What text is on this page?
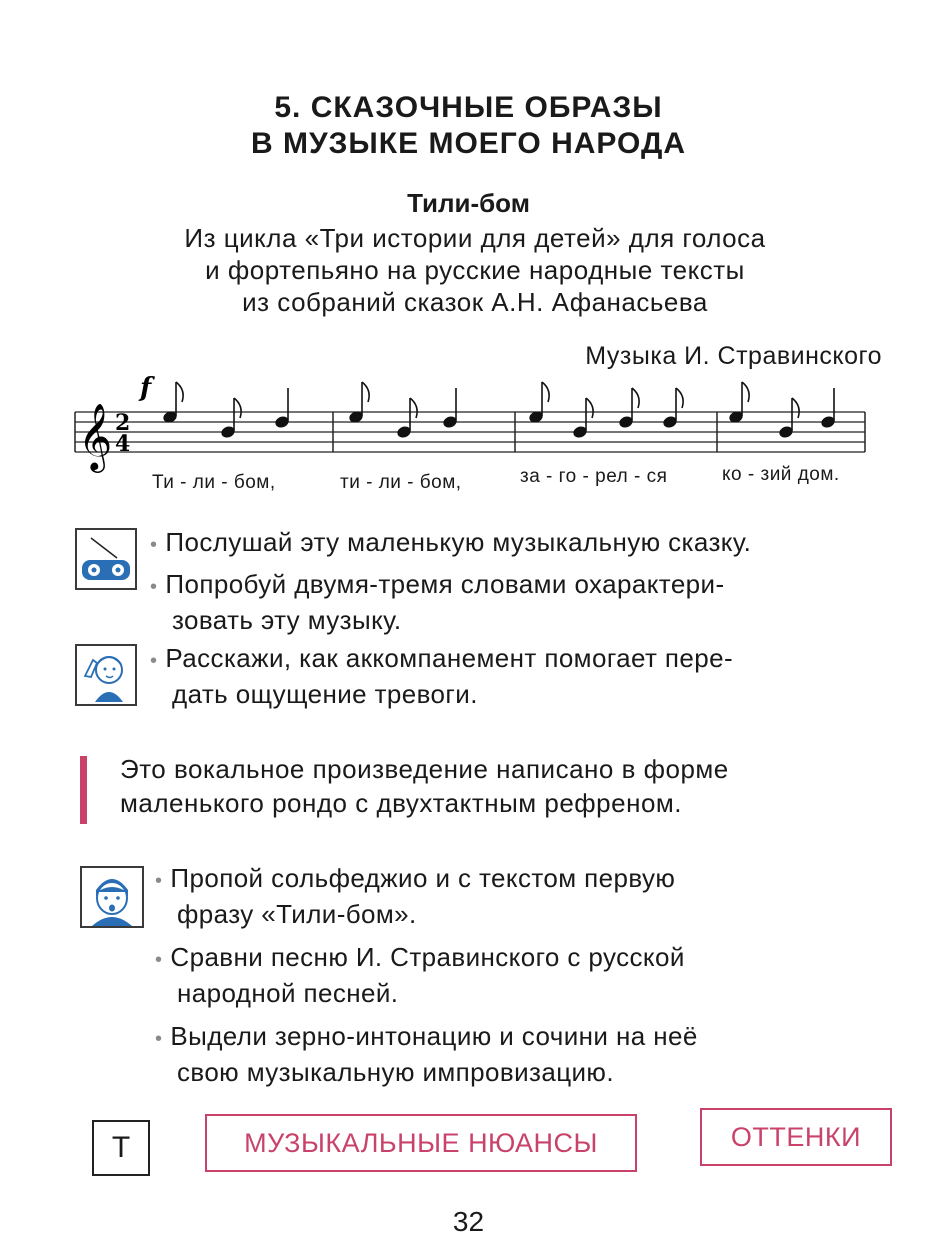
5. СКАЗОЧНЫЕ ОБРАЗЫ
В МУЗЫКЕ МОЕГО НАРОДА
Тили-бом
Из цикла «Три истории для детей» для голоса
и фортепьяно на русские народные тексты
из собраний сказок А.Н. Афанасьева
Музыка И. Стравинского
f
𝄞 2
4
Ти - ли - бом,	ти - ли - бом,	за - го - рел - ся	ко - зий дом.
• Послушай эту маленькую музыкальную сказку.
• Попробуй двумя-тремя словами охарактери-
зовать эту музыку.
• Расскажи, как аккомпанемент помогает пере-
дать ощущение тревоги.
Это вокальное произведение написано в форме
маленького рондо с двухтактным рефреном.
• Пропой сольфеджио и с текстом первую
фразу «Тили-бом».
• Сравни песню И. Стравинского с русской
народной песней.
• Выдели зерно-интонацию и сочини на неё
свою музыкальную импровизацию.
Т	МУЗЫКАЛЬНЫЕ НЮАНСЫ	ОТТЕНКИ
32
